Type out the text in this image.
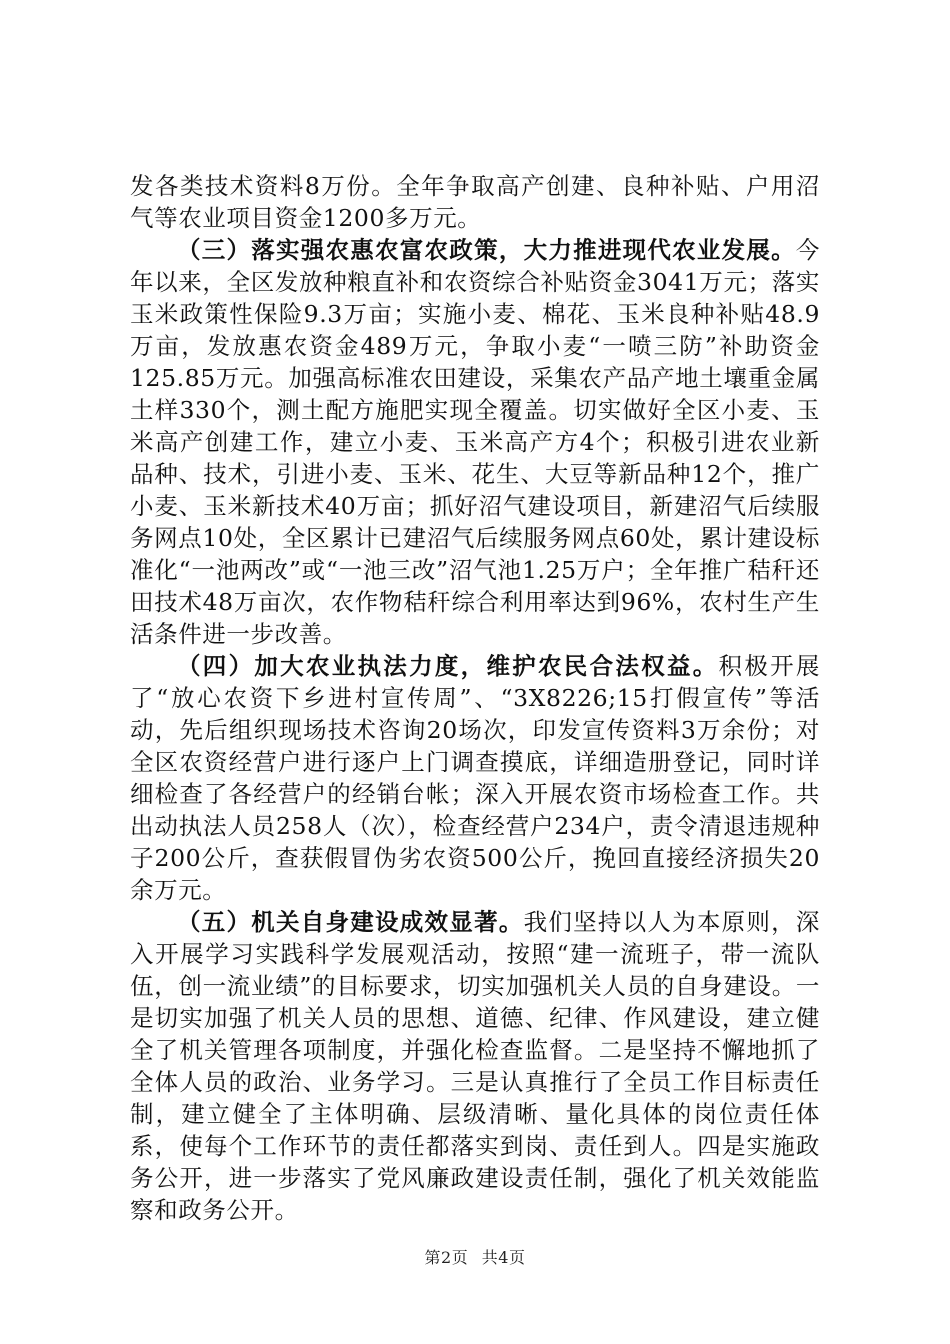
发各类技术资料8万份。全年争取高产创建、良种补贴、户用沼气等农业项目资金1200多万元。

（三）落实强农惠农富农政策，大力推进现代农业发展。今年以来，全区发放种粮直补和农资综合补贴资金3041万元；落实玉米政策性保险9.3万亩；实施小麦、棉花、玉米良种补贴48.9万亩，发放惠农资金489万元，争取小麦“一喷三防”补助资金125.85万元。加强高标准农田建设，采集农产品产地土壤重金属土样330个，测土配方施肥实现全覆盖。切实做好全区小麦、玉米高产创建工作，建立小麦、玉米高产方4个；积极引进农业新品种、技术，引进小麦、玉米、花生、大豆等新品种12个，推广小麦、玉米新技术40万亩；抓好沼气建设项目，新建沼气后续服务网点10处，全区累计已建沼气后续服务网点60处，累计建设标准化“一池两改”或“一池三改”沼气池1.25万户；全年推广秸秆还田技术48万亩次，农作物秸秆综合利用率达到96%，农村生产生活条件进一步改善。

（四）加大农业执法力度，维护农民合法权益。积极开展了“放心农资下乡进村宣传周”、“3X8226;15打假宣传”等活动，先后组织现场技术咨询20场次，印发宣传资料3万余份；对全区农资经营户进行逐户上门调查摸底，详细造册登记，同时详细检查了各经营户的经销台帐；深入开展农资市场检查工作。共出动执法人员258人（次），检查经营户234户，责令清退违规种子200公斤，查获假冒伪劣农资500公斤，挽回直接经济损失20余万元。

（五）机关自身建设成效显著。我们坚持以人为本原则，深入开展学习实践科学发展观活动，按照“建一流班子，带一流队伍，创一流业绩”的目标要求，切实加强机关人员的自身建设。一是切实加强了机关人员的思想、道德、纪律、作风建设，建立健全了机关管理各项制度，并强化检查监督。二是坚持不懈地抓了全体人员的政治、业务学习。三是认真推行了全员工作目标责任制，建立健全了主体明确、层级清晰、量化具体的岗位责任体系，使每个工作环节的责任都落实到岗、责任到人。四是实施政务公开，进一步落实了党风廉政建设责任制，强化了机关效能监察和政务公开。

第2页 共4页
